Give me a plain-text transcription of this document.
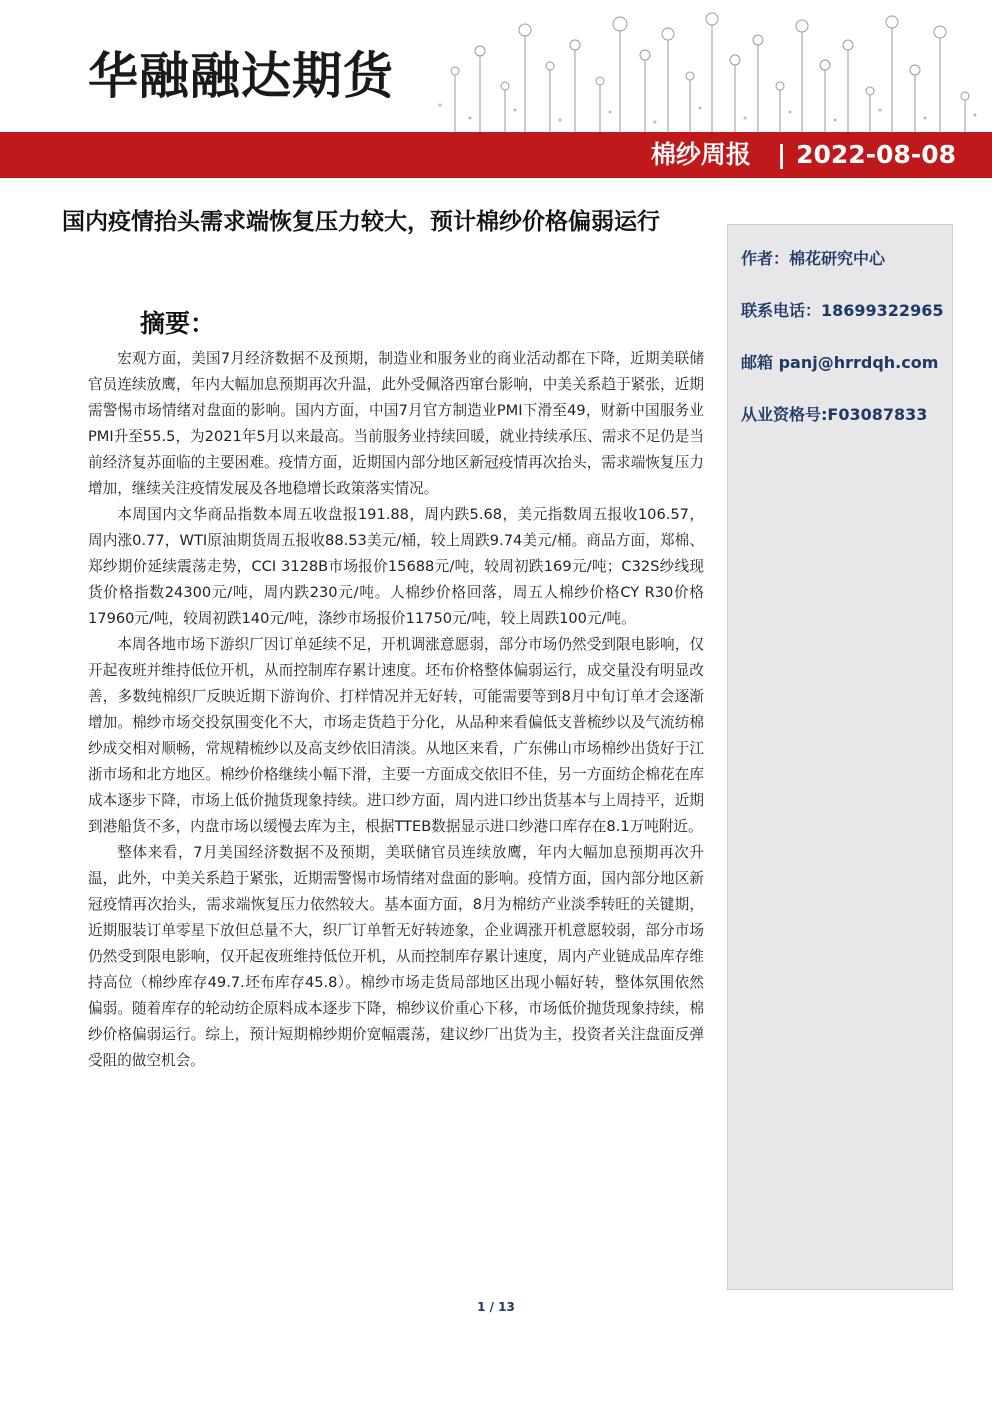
华融融达期货
棉纱周报 | 2022-08-08
国内疫情抬头需求端恢复压力较大，预计棉纱价格偏弱运行
摘要：

宏观方面，美国7月经济数据不及预期，制造业和服务业的商业活动都在下降，近期美联储官员连续放鹰，年内大幅加息预期再次升温，此外受佩洛西窜台影响，中美关系趋于紧张，近期需警惕市场情绪对盘面的影响。国内方面，中国7月官方制造业PMI下滑至49，财新中国服务业PMI升至55.5，为2021年5月以来最高。当前服务业持续回暖，就业持续承压、需求不足仍是当前经济复苏面临的主要困难。疫情方面，近期国内部分地区新冠疫情再次抬头，需求端恢复压力增加，继续关注疫情发展及各地稳增长政策落实情况。

本周国内文华商品指数本周五收盘报191.88，周内跌5.68，美元指数周五报收106.57，周内涨0.77，WTI原油期货周五报收88.53美元/桶，较上周跌9.74美元/桶。商品方面，郑棉、郑纱期价延续震荡走势，CCI 3128B市场报价15688元/吨，较周初跌169元/吨；C32S纱线现货价格指数24300元/吨，周内跌230元/吨。人棉纱价格回落，周五人棉纱价格CY R30价格17960元/吨，较周初跌140元/吨，涤纱市场报价11750元/吨，较上周跌100元/吨。

本周各地市场下游织厂因订单延续不足，开机调涨意愿弱，部分市场仍然受到限电影响，仅开起夜班并维持低位开机，从而控制库存累计速度。坯布价格整体偏弱运行，成交量没有明显改善，多数纯棉织厂反映近期下游询价、打样情况并无好转，可能需要等到8月中旬订单才会逐渐增加。棉纱市场交投氛围变化不大，市场走货趋于分化，从品种来看偏低支普梳纱以及气流纺棉纱成交相对顺畅，常规精梳纱以及高支纱依旧清淡。从地区来看，广东佛山市场棉纱出货好于江浙市场和北方地区。棉纱价格继续小幅下滑，主要一方面成交依旧不佳，另一方面纺企棉花在库成本逐步下降，市场上低价抛货现象持续。进口纱方面，周内进口纱出货基本与上周持平，近期到港船货不多，内盘市场以缓慢去库为主，根据TTEB数据显示进口纱港口库存在8.1万吨附近。

整体来看，7月美国经济数据不及预期，美联储官员连续放鹰，年内大幅加息预期再次升温，此外，中美关系趋于紧张，近期需警惕市场情绪对盘面的影响。疫情方面，国内部分地区新冠疫情再次抬头，需求端恢复压力依然较大。基本面方面，8月为棉纺产业淡季转旺的关键期，近期服装订单零星下放但总量不大，织厂订单暂无好转迹象，企业调涨开机意愿较弱，部分市场仍然受到限电影响，仅开起夜班维持低位开机，从而控制库存累计速度，周内产业链成品库存维持高位（棉纱库存49.7.坯布库存45.8）。棉纱市场走货局部地区出现小幅好转，整体氛围依然偏弱。随着库存的轮动纺企原料成本逐步下降，棉纱议价重心下移，市场低价抛货现象持续，棉纱价格偏弱运行。综上，预计短期棉纱期价宽幅震荡，建议纱厂出货为主，投资者关注盘面反弹受阻的做空机会。

作者：棉花研究中心
联系电话：18699322965
邮箱 panj@hrrdqh.com
从业资格号:F03087833
1 / 13
